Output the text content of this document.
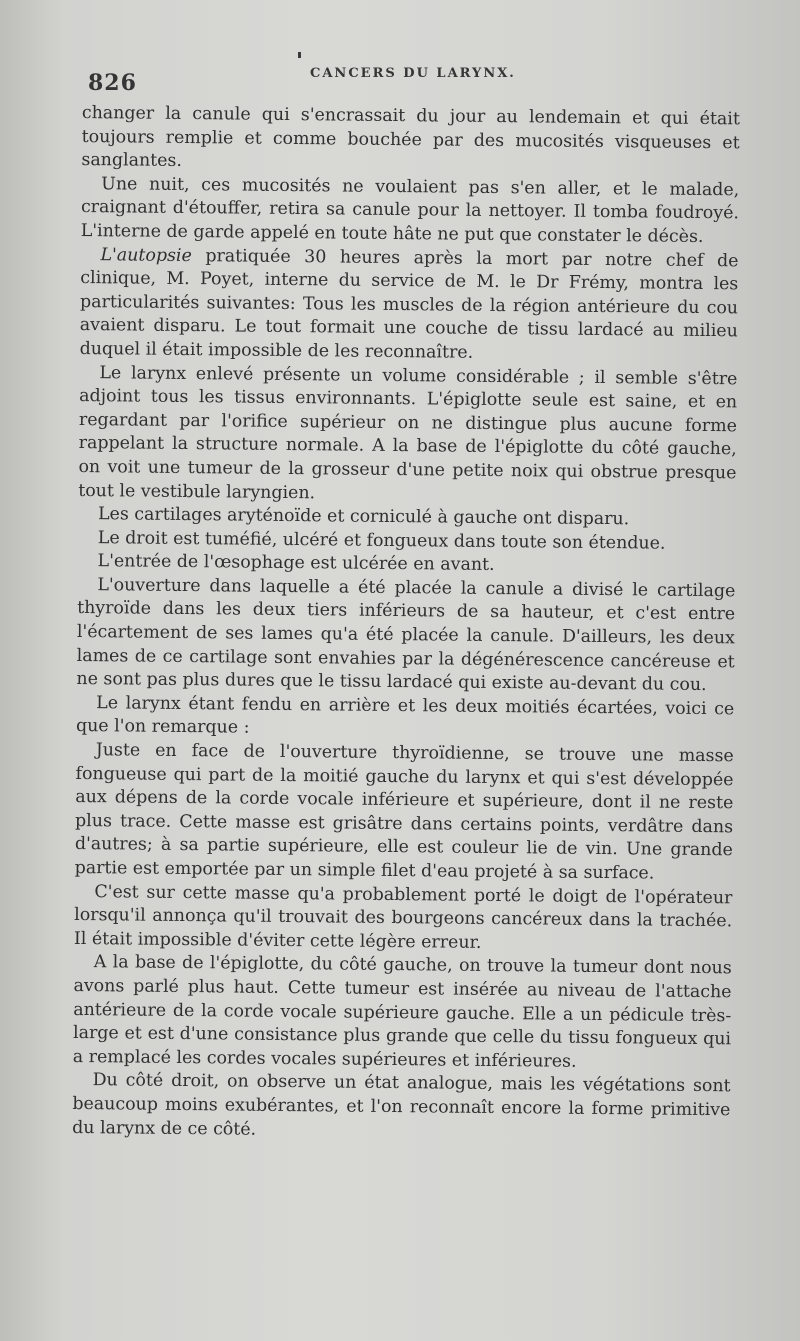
826	CANCERS DU LARYNX.

changer la canule qui s'encrassait du jour au lendemain et qui était toujours remplie et comme bouchée par des mucosités visqueuses et sanglantes.

Une nuit, ces mucosités ne voulaient pas s'en aller, et le malade, craignant d'étouffer, retira sa canule pour la nettoyer. Il tomba foudroyé. L'interne de garde appelé en toute hâte ne put que constater le décès.

L'autopsie pratiquée 30 heures après la mort par notre chef de clinique, M. Poyet, interne du service de M. le Dr Frémy, montra les particularités suivantes: Tous les muscles de la région antérieure du cou avaient disparu. Le tout formait une couche de tissu lardacé au milieu duquel il était impossible de les reconnaître.

Le larynx enlevé présente un volume considérable ; il semble s'être adjoint tous les tissus environnants. L'épiglotte seule est saine, et en regardant par l'orifice supérieur on ne distingue plus aucune forme rappelant la structure normale. A la base de l'épiglotte du côté gauche, on voit une tumeur de la grosseur d'une petite noix qui obstrue presque tout le vestibule laryngien.

Les cartilages aryténoïde et corniculé à gauche ont disparu.

Le droit est tuméfié, ulcéré et fongueux dans toute son étendue.

L'entrée de l'œsophage est ulcérée en avant.

L'ouverture dans laquelle a été placée la canule a divisé le cartilage thyroïde dans les deux tiers inférieurs de sa hauteur, et c'est entre l'écartement de ses lames qu'a été placée la canule. D'ailleurs, les deux lames de ce cartilage sont envahies par la dégénérescence cancéreuse et ne sont pas plus dures que le tissu lardacé qui existe au-devant du cou.

Le larynx étant fendu en arrière et les deux moitiés écartées, voici ce que l'on remarque :

Juste en face de l'ouverture thyroïdienne, se trouve une masse fongueuse qui part de la moitié gauche du larynx et qui s'est développée aux dépens de la corde vocale inférieure et supérieure, dont il ne reste plus trace. Cette masse est grisâtre dans certains points, verdâtre dans d'autres; à sa partie supérieure, elle est couleur lie de vin. Une grande partie est emportée par un simple filet d'eau projeté à sa surface.

C'est sur cette masse qu'a probablement porté le doigt de l'opérateur lorsqu'il annonça qu'il trouvait des bourgeons cancéreux dans la trachée. Il était impossible d'éviter cette légère erreur.

A la base de l'épiglotte, du côté gauche, on trouve la tumeur dont nous avons parlé plus haut. Cette tumeur est insérée au niveau de l'attache antérieure de la corde vocale supérieure gauche. Elle a un pédicule très-large et est d'une consistance plus grande que celle du tissu fongueux qui a remplacé les cordes vocales supérieures et inférieures.

Du côté droit, on observe un état analogue, mais les végétations sont beaucoup moins exubérantes, et l'on reconnaît encore la forme primitive du larynx de ce côté.
